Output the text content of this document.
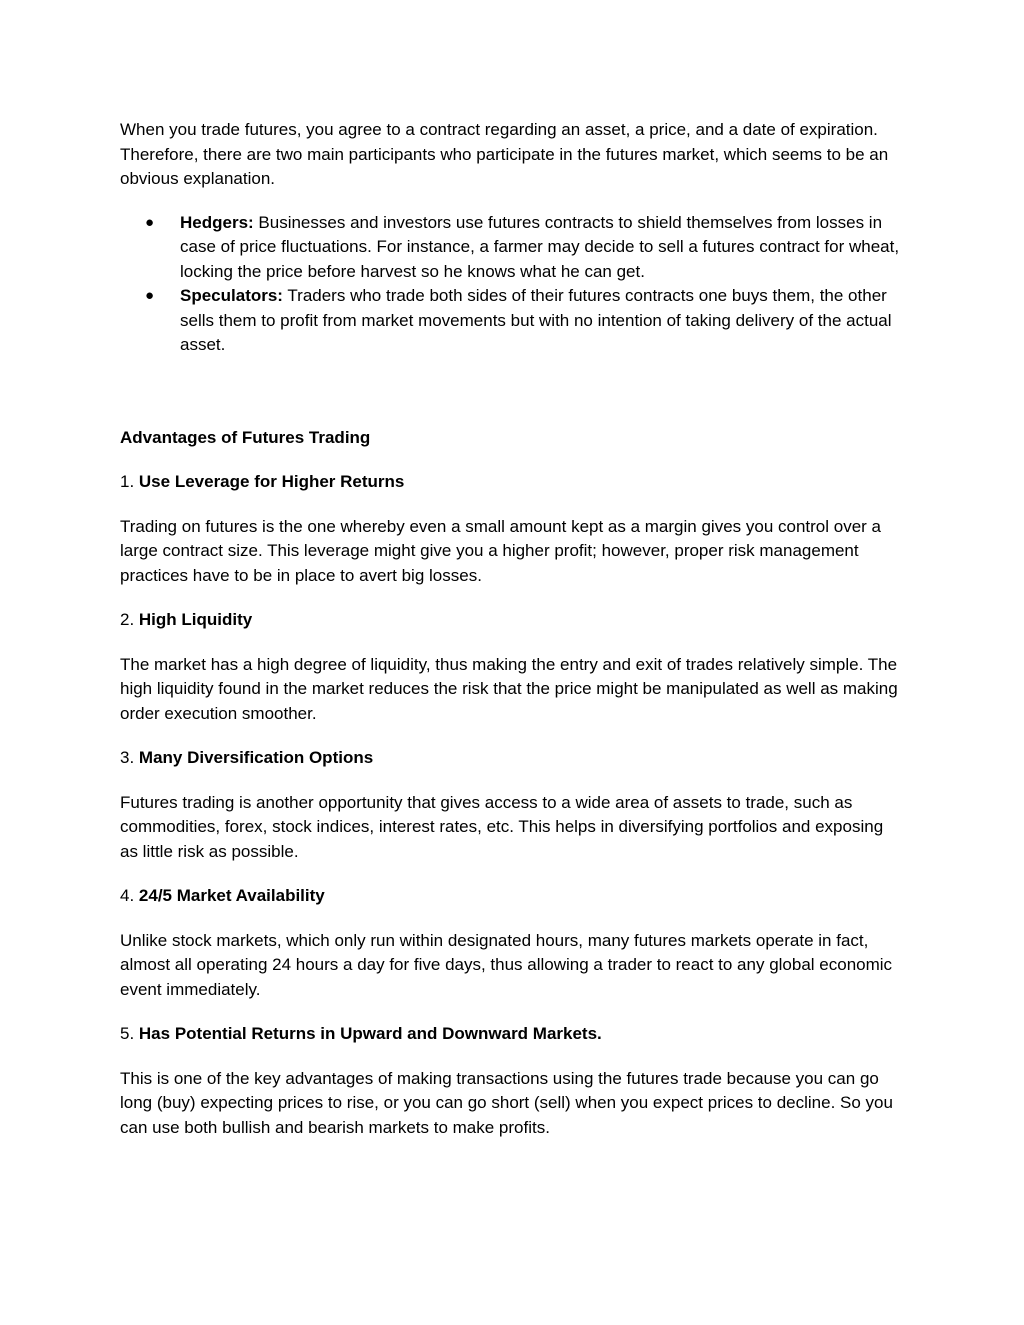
When you trade futures, you agree to a contract regarding an asset, a price, and a date of expiration. Therefore, there are two main participants who participate in the futures market, which seems to be an obvious explanation.

● Hedgers: Businesses and investors use futures contracts to shield themselves from losses in case of price fluctuations. For instance, a farmer may decide to sell a futures contract for wheat, locking the price before harvest so he knows what he can get.
● Speculators: Traders who trade both sides of their futures contracts one buys them, the other sells them to profit from market movements but with no intention of taking delivery of the actual asset.

Advantages of Futures Trading

1. Use Leverage for Higher Returns

Trading on futures is the one whereby even a small amount kept as a margin gives you control over a large contract size. This leverage might give you a higher profit; however, proper risk management practices have to be in place to avert big losses.

2. High Liquidity

The market has a high degree of liquidity, thus making the entry and exit of trades relatively simple. The high liquidity found in the market reduces the risk that the price might be manipulated as well as making order execution smoother.

3. Many Diversification Options

Futures trading is another opportunity that gives access to a wide area of assets to trade, such as commodities, forex, stock indices, interest rates, etc. This helps in diversifying portfolios and exposing as little risk as possible.

4. 24/5 Market Availability

Unlike stock markets, which only run within designated hours, many futures markets operate in fact, almost all operating 24 hours a day for five days, thus allowing a trader to react to any global economic event immediately.

5. Has Potential Returns in Upward and Downward Markets.

This is one of the key advantages of making transactions using the futures trade because you can go long (buy) expecting prices to rise, or you can go short (sell) when you expect prices to decline. So you can use both bullish and bearish markets to make profits.
